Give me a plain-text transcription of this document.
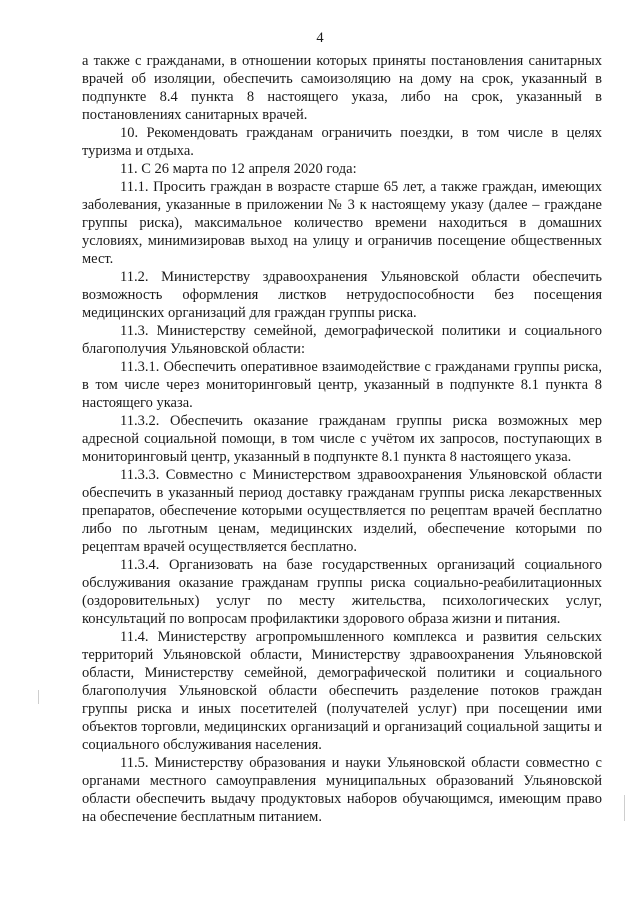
4

а также с гражданами, в отношении которых приняты постановления санитарных врачей об изоляции, обеспечить самоизоляцию на дому на срок, указанный в подпункте 8.4 пункта 8 настоящего указа, либо на срок, указанный в постановлениях санитарных врачей.

10. Рекомендовать гражданам ограничить поездки, в том числе в целях туризма и отдыха.

11. С 26 марта по 12 апреля 2020 года:

11.1. Просить граждан в возрасте старше 65 лет, а также граждан, имеющих заболевания, указанные в приложении № 3 к настоящему указу (далее – граждане группы риска), максимальное количество времени находиться в домашних условиях, минимизировав выход на улицу и ограничив посещение общественных мест.

11.2. Министерству здравоохранения Ульяновской области обеспечить возможность оформления листков нетрудоспособности без посещения медицинских организаций для граждан группы риска.

11.3. Министерству семейной, демографической политики и социального благополучия Ульяновской области:

11.3.1. Обеспечить оперативное взаимодействие с гражданами группы риска, в том числе через мониторинговый центр, указанный в подпункте 8.1 пункта 8 настоящего указа.

11.3.2. Обеспечить оказание гражданам группы риска возможных мер адресной социальной помощи, в том числе с учётом их запросов, поступающих в мониторинговый центр, указанный в подпункте 8.1 пункта 8 настоящего указа.

11.3.3. Совместно с Министерством здравоохранения Ульяновской области обеспечить в указанный период доставку гражданам группы риска лекарственных препаратов, обеспечение которыми осуществляется по рецептам врачей бесплатно либо по льготным ценам, медицинских изделий, обеспечение которыми по рецептам врачей осуществляется бесплатно.

11.3.4. Организовать на базе государственных организаций социального обслуживания оказание гражданам группы риска социально-реабилитационных (оздоровительных) услуг по месту жительства, психологических услуг, консультаций по вопросам профилактики здорового образа жизни и питания.

11.4. Министерству агропромышленного комплекса и развития сельских территорий Ульяновской области, Министерству здравоохранения Ульяновской области, Министерству семейной, демографической политики и социального благополучия Ульяновской области обеспечить разделение потоков граждан группы риска и иных посетителей (получателей услуг) при посещении ими объектов торговли, медицинских организаций и организаций социальной защиты и социального обслуживания населения.

11.5. Министерству образования и науки Ульяновской области совместно с органами местного самоуправления муниципальных образований Ульяновской области обеспечить выдачу продуктовых наборов обучающимся, имеющим право на обеспечение бесплатным питанием.
